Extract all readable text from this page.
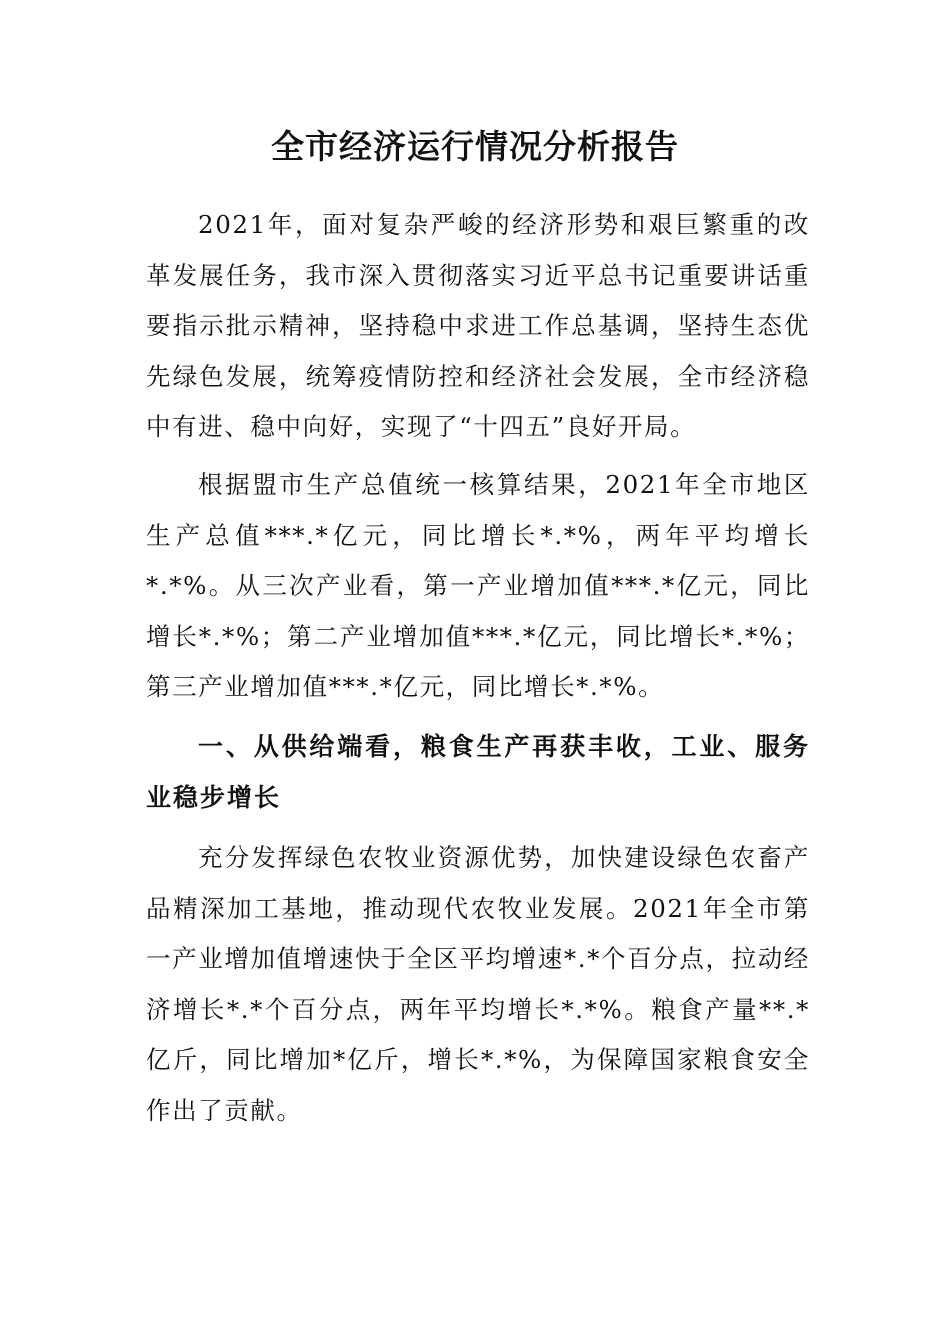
全市经济运行情况分析报告

2021年，面对复杂严峻的经济形势和艰巨繁重的改革发展任务，我市深入贯彻落实习近平总书记重要讲话重要指示批示精神，坚持稳中求进工作总基调，坚持生态优先绿色发展，统筹疫情防控和经济社会发展，全市经济稳中有进、稳中向好，实现了“十四五”良好开局。

根据盟市生产总值统一核算结果，2021年全市地区生产总值***.*亿元，同比增长*.*%，两年平均增长*.*%。从三次产业看，第一产业增加值***.*亿元，同比增长*.*%；第二产业增加值***.*亿元，同比增长*.*%；第三产业增加值***.*亿元，同比增长*.*%。

一、从供给端看，粮食生产再获丰收，工业、服务业稳步增长

充分发挥绿色农牧业资源优势，加快建设绿色农畜产品精深加工基地，推动现代农牧业发展。2021年全市第一产业增加值增速快于全区平均增速*.*个百分点，拉动经济增长*.*个百分点，两年平均增长*.*%。粮食产量**.*亿斤，同比增加*亿斤，增长*.*%，为保障国家粮食安全作出了贡献。
